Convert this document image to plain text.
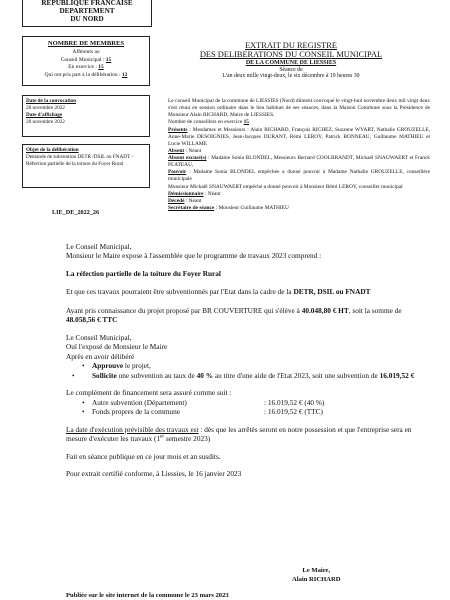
REPUBLIQUE FRANCAISE
DEPARTEMENT
DU NORD
NOMBRE DE MEMBRES
Afférents au
Conseil Municipal : 15
En exercice : 15
Qui ont pris part à la délibération : 12
Date de la convocation
28 novembre 2022
Date d'affichage
28 novembre 2022
Objet de la délibération
Demande de subvention DETR /DSIL ou FNADT – Réfection partielle de la toiture du Foyer Rural
LIE_DE_2022_26
EXTRAIT DU REGISTRE
DES DELIBERATIONS DU CONSEIL MUNICIPAL
DE LA COMMUNE DE LIESSIES
Séance de
L'an deux mille vingt-deux, le six décembre à 19 heures 30

Le conseil Municipal de la commune de LIESSIES (Nord) dûment convoqué le vingt-huit novembre deux mil vingt deux s'est réuni en session ordinaire dans le lieu habituel de ses séances, dans la Maison Commune sous la Présidence de Monsieur Alain RICHARD, Maire de LIESSIES.

Nombre de conseillers en exercice 15

Présents : Mesdames et Messieurs : Alain RICHARD, François RICHEZ, Suzanne WYART, Nathalie GROUZELLE, Anne-Marie DESOIGNIES, Jean-Jacques DURANT, Rémi LEROY, Patrick BONNEAU, Guillaume MATHIEU et Lucie WILLAME

Absent : Néant

Absent excusé(s) : Madame Sonia BLONDEL, Messieurs Bernard COOLBRANDT, Mickaël SNAUWAERT et Franck PLATEAU,

Pouvoir : Madame Sonia BLONDEL empêchée a donné pouvoir à Madame Nathalie GROUZELLE, conseillère municipale

Monsieur Mickaël SNAUWAERT empêché a donné pouvoir à Monsieur Rémi LEROY, conseiller municipal

Démissionnaire : Néant

Décédé : Néant

Secrétaire de séance : Monsieur Guillaume MATHIEU

Le Conseil Municipal,

Monsieur le Maire expose à l'assemblée que le programme de travaux 2023 comprend :

La réfection partielle de la toiture du Foyer Rural

Et que ces travaux pourraient être subventionnés par l'Etat dans la cadre de la DETR, DSIL ou FNADT

Ayant pris connaissance du projet proposé par BR COUVERTURE qui s'élève à 40.048,80 € HT, soit la somme de 48.058,56 € TTC

Le Conseil Municipal,

Ouï l'exposé de Monsieur le Maire

Après en avoir délibéré

• Approuve le projet,

• Sollicite une subvention au taux de 40 % au titre d'une aide de l'Etat 2023, soit une subvention de 16.019,52 €

Le complément de financement sera assuré comme suit :

•	Autre subvention (Département)	: 16.019,52 € (40 %)

•	Fonds propres de la commune	: 16.019,52 € (TTC)

La date d'exécution prévisible des travaux est : dès que les arrêtés seront en notre possession et que l'entreprise sera en mesure d'exécuter les travaux (1er semestre 2023)

Fait en séance publique en ce jour mois et an susdits.

Pour extrait certifié conforme, à Liessies, le 16 janvier 2023

Le Maire,
Alain RICHARD
Publiée sur le site internet de la commune le 23 mars 2023
